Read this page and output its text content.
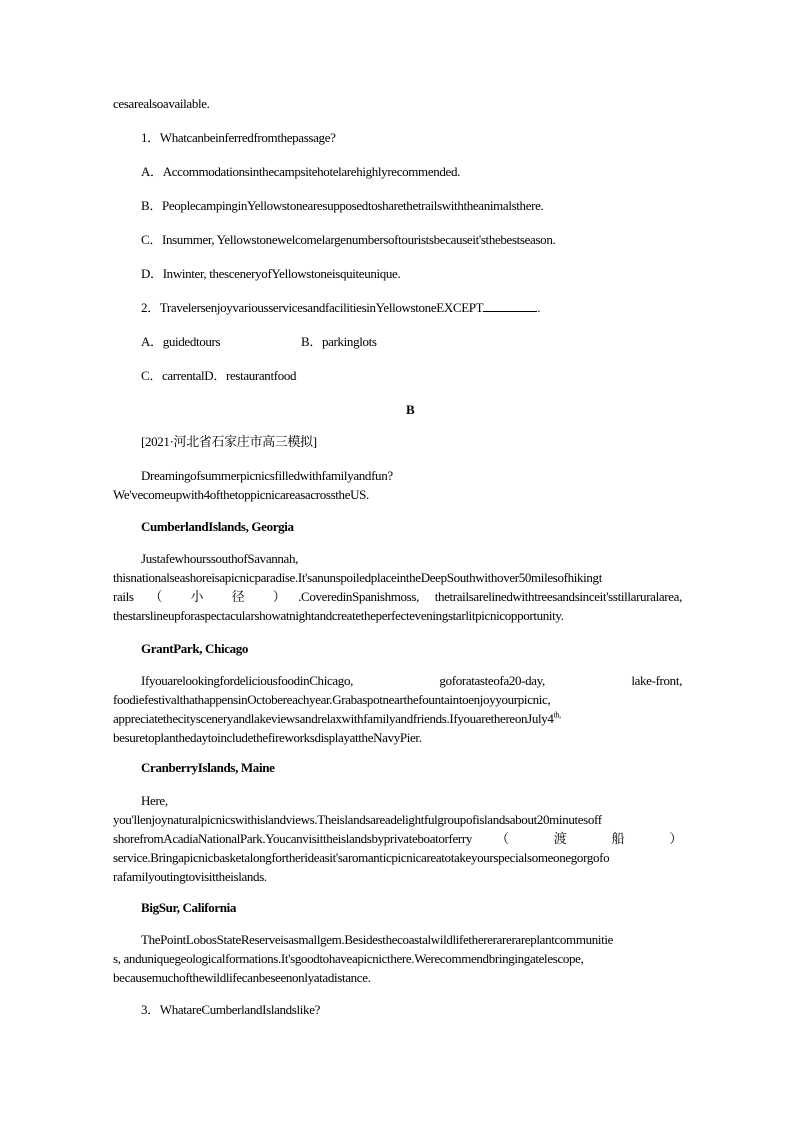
cesarealsoavailable.
1．Whatcanbeinferredfromthepassage?
A．Accommodationsinthecampsitehotelarehighlyrecommended.
B．PeoplecampinginYellowstonearesupposedtosharethetrailswiththeanimalsthere.
C．Insummer, Yellowstonewelcomelargenumbersoftouristsbecauseit'sthebestseason.
D．Inwinter, thesceneryofYellowstoneisquiteunique.
2．TravelersenjoyvariousservicesandfacilitiesinYellowstoneEXCEPT	.
A．guidedtours	B．parkinglots
C．carrentalD．restaurantfood
B
[2021·河北省石家庄市高三模拟]
Dreamingofsummerpicnicsfilledwithfamilyandfun?
We'vecomeupwith4ofthetoppicnicareasacrosstheUS.
CumberlandIslands, Georgia
JustafewhourssouthofSavannah,
thisnationalseashoreisapicnicparadise.It'sanunspoiledplaceintheDeepSouthwithover50milesofhikingt
rails （ 小 径 ）.CoveredinSpanishmoss, thetrailsarelinedwithtreesandsinceit'sstillaruralarea,
thestarslineupforaspectacularshowatnightandcreatetheperfecteveningstarlitpicnicopportunity.
GrantPark, Chicago
IfyouarelookingfordeliciousfoodinChicago, goforatasteofa20-day, lake-front,
foodiefestivalthathappensinOctobereachyear.Grabaspotnearthefountaintoenjoyyourpicnic,
$appreciatethecitysceneryandlakeviewsandrelaxwithfamilyandfriends.IfyouarethereonJuly4^{th,}$
besuretoplanthedaytoincludethefireworksdisplayattheNavyPier.
CranberryIslands, Maine
Here,
you'llenjoynaturalpicnicswithislandviews.Theislandsareadelightfulgroupofislandsabout20minutesoff
shorefromAcadiaNationalPark.Youcanvisittheislandsbyprivateboatorferry （ 渡 船 ）
service.Bringapicnicbasketalongfortherideasit'saromanticpicnicareatotakeyourspecialsomeonegorgofo
rafamilyoutingtovisittheislands.
BigSur, California
ThePointLobosStateReserveisasmallgem.Besidesthecoastalwildlifethererarerareplantcommunitie
s, anduniquegeologicalformations.It'sgoodtohaveapicnicthere.Werecommendbringingatelescope,
becausemuchofthewildlifecanbeseenonlyatadistance.
3．WhatareCumberlandIslandslike?
